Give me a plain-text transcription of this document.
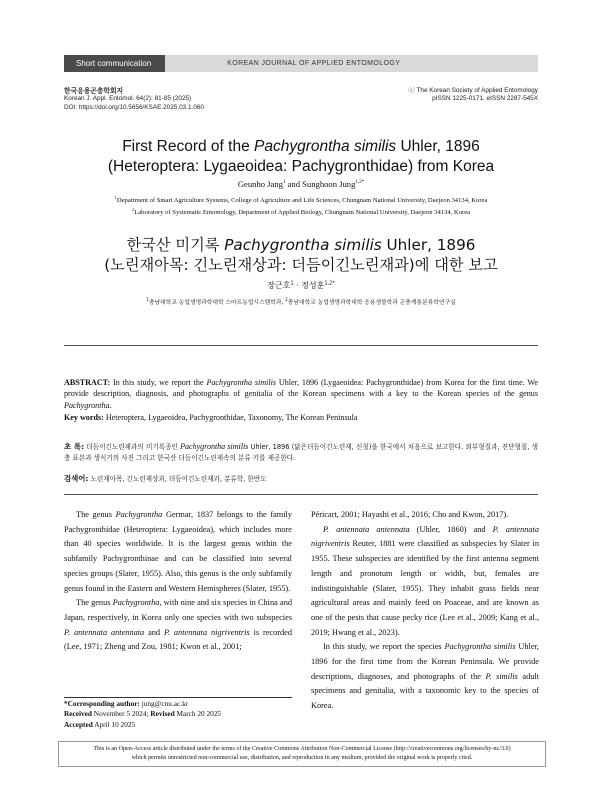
Short communication	KOREAN JOURNAL OF APPLIED ENTOMOLOGY
한국응용곤충학회지
Korean J. Appl. Entomol. 64(2): 81-85 (2025)
DOI: https://doi.org/10.5656/KSAE.2025.03.1.060
ⓒ The Korean Society of Applied Entomology
pISSN 1225-0171, eISSN 2287-545X
First Record of the Pachygrontha similis Uhler, 1896
(Heteroptera: Lygaeoidea: Pachygronthidae) from Korea
Geunho Jang$^1$ and Sunghoon Jung$^{1,2*}$
$^1$Department of Smart Agriculture Systems, College of Agriculture and Life Sciences, Chungnam National University, Daejeon 34134, Korea
$^2$Laboratory of Systematic Entomology, Department of Applied Biology, Chungnam National University, Daejeon 34134, Korea
한국산 미기록 Pachygrontha similis Uhler, 1896
(노린재아목: 긴노린재상과: 더듬이긴노린재과)에 대한 보고
장근호$^1$ · 정성훈$^{1,2*}$
$^1$충남대학교 농업생명과학대학 스마트농업시스템학과, $^2$충남대학교 농업생명과학대학 응용생물학과 곤충계통분류학연구실
ABSTRACT: In this study, we report the Pachygrontha similis Uhler, 1896 (Lygaeoidea: Pachygronthidae) from Korea for the first time. We provide description, diagnosis, and photographs of genitalia of the Korean specimens with a key to the Korean species of the genus Pachygrontha.
Key words: Heteroptera, Lygaeoidea, Pachygronthidae, Taxonomy, The Korean Peninsula
초 록: 더듬이긴노린재과의 미기록종인 Pachygrontha similis Uhler, 1896 (닮은더듬이긴노린재, 신칭)을 한국에서 처음으로 보고한다. 외부형질과, 진단형질, 생충 표본과 생식기의 사진 그리고 한국산 더듬이긴노린재속의 분류 키를 제공한다.
검색어: 노린재아목, 긴노린재상과, 더듬이긴노린재과, 분류학, 한반도

The genus Pachygrontha Germar, 1837 belongs to the family Pachygronthidae (Heteroptera: Lygaeoidea), which includes more than 40 species worldwide. It is the largest genus within the subfamily Pachygronthinae and can be classified into several species groups (Slater, 1955). Also, this genus is the only subfamily genus found in the Eastern and Western Hemispheres (Slater, 1955).

The genus Pachygrontha, with nine and six species in China and Japan, respectively, in Korea only one species with two subspecies P. antennata antennata and P. antennata nigriventris is recorded (Lee, 1971; Zheng and Zou, 1981; Kwon et al., 2001;

Péricart, 2001; Hayashi et al., 2016; Cho and Kwon, 2017).

P. antennata antennata (Uhler, 1860) and P. antennata nigriventris Reuter, 1881 were classified as subspecies by Slater in 1955. These subspecies are identified by the first antenna segment length and pronotum length or width, but, females are indistinguishable (Slater, 1955). They inhabit grass fields near agricultural areas and mainly feed on Poaceae, and are known as one of the pests that cause pecky rice (Lee et al., 2009; Kang et al., 2019; Hwang et al., 2023).

In this study, we report the species Pachygrontha similis Uhler, 1896 for the first time from the Korean Peninsula. We provide descriptions, diagnoses, and photographs of the P. similis adult specimens and genitalia, with a taxonomic key to the species of Korea.

*Corresponding author: jung@cnu.ac.kr
Received November 5 2024; Revised March 20 2025
Accepted April 10 2025
This is an Open-Access article distributed under the terms of the Creative Commons Attribution Non-Commercial License (http://creativecommons.org/licenses/by-nc/3.0)
which permits unrestricted non-commercial use, distribution, and reproduction in any medium, provided the original work is properly cited.
